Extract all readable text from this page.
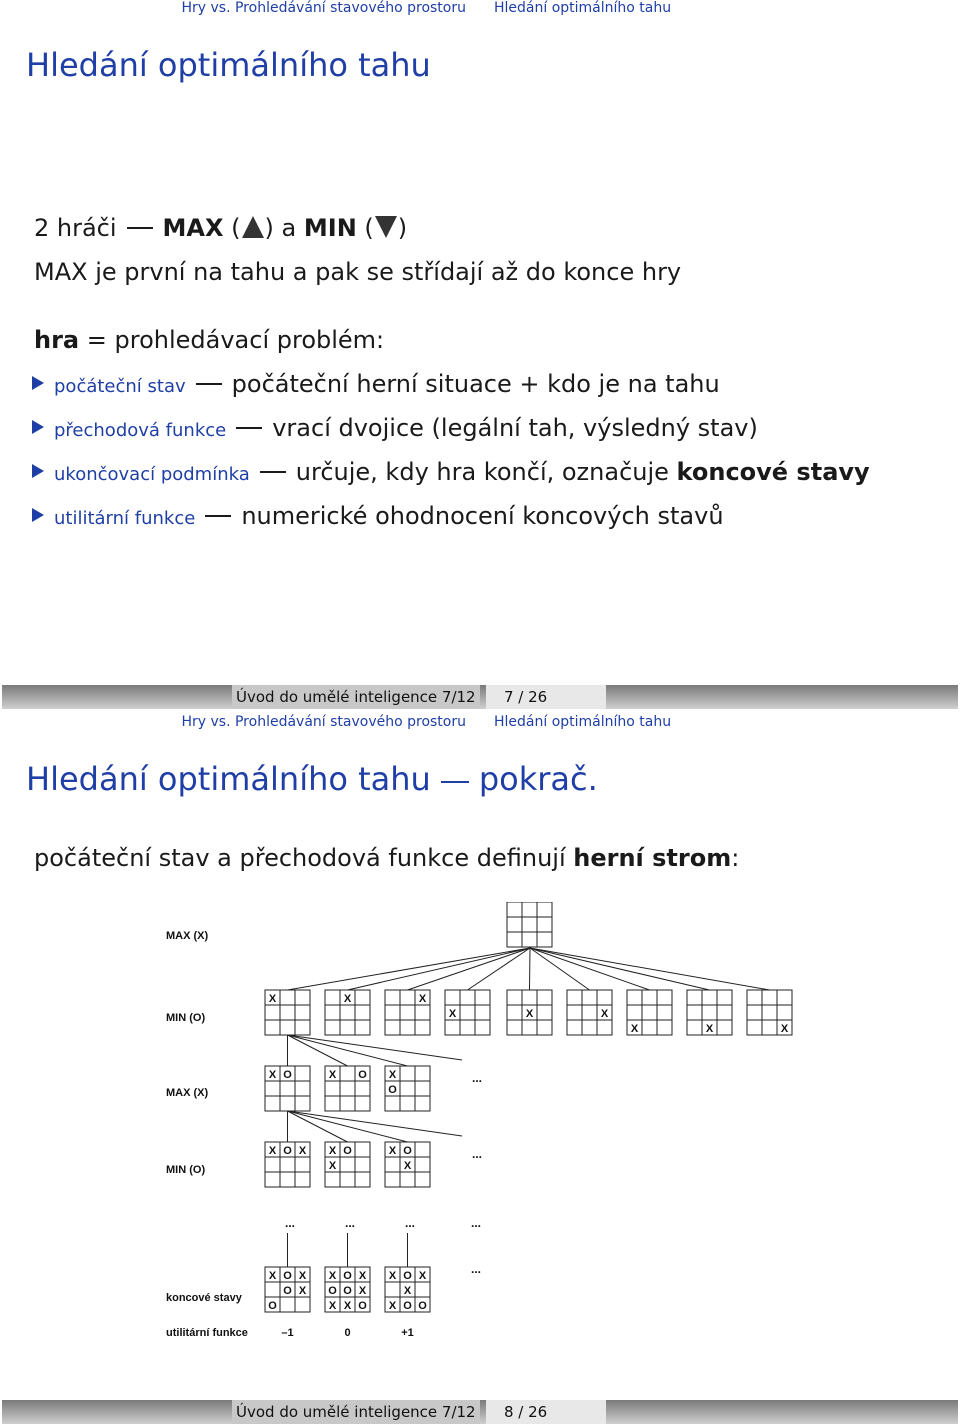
Hry vs. Prohledávání stavového prostoru Hledání optimálního tahu
Hledání optimálního tahu
2 hráči MAX ( ) a MIN ( )
MAX je první na tahu a pak se střídají až do konce hry
hra = prohledávací problém:
počáteční stav počáteční herní situace + kdo je na tahu
přechodová funkce vrací dvojice (legální tah, výsledný stav)
ukončovací podmínka určuje, kdy hra končí, označuje koncové stavy
utilitární funkce numerické ohodnocení koncových stavů
Úvod do umělé inteligence 7/12 7 / 26
Hry vs. Prohledávání stavového prostoru Hledání optimálního tahu
Hledání optimálního tahu pokrač.
počáteční stav a přechodová funkce definují herní strom:
X	X	X
X	X	X
X	X	X
X O	X O X
O
X O X X O
X
X O
X
X O X
O X
O
X O X
O O X
X X O
X O X
X
X O O
MAX (X)
MIN (O)
MAX (X)
MIN (O)
koncové stavy
utilitární funkce
...
...
...	...	...	...
...
–1	0	+1
Úvod do umělé inteligence 7/12 8 / 26
